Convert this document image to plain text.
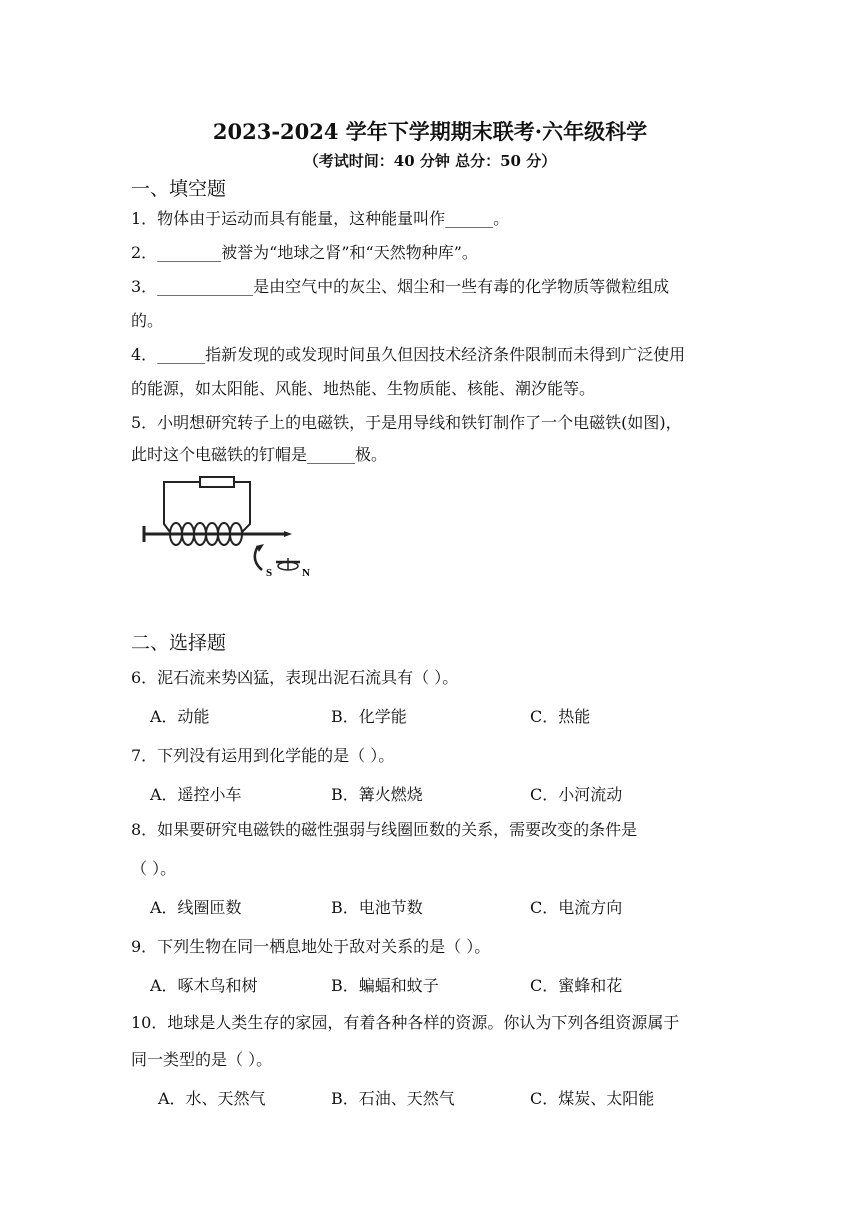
2023-2024 学年下学期期末联考·六年级科学
（考试时间：40 分钟 总分：50 分）
一、填空题
1．物体由于运动而具有能量，这种能量叫作______。
2．________被誉为“地球之肾”和“天然物种库”。
3．____________是由空气中的灰尘、烟尘和一些有毒的化学物质等微粒组成
的。
4．______指新发现的或发现时间虽久但因技术经济条件限制而未得到广泛使用
的能源，如太阳能、风能、地热能、生物质能、核能、潮汐能等。
5．小明想研究转子上的电磁铁，于是用导线和铁钉制作了一个电磁铁(如图)，
此时这个电磁铁的钉帽是______极。
S	N
二、选择题
6．泥石流来势凶猛，表现出泥石流具有（ ）。
A．动能	B．化学能	C．热能
7．下列没有运用到化学能的是（ ）。
A．遥控小车	B．篝火燃烧	C．小河流动
8．如果要研究电磁铁的磁性强弱与线圈匝数的关系，需要改变的条件是
（ ）。
A．线圈匝数	B．电池节数	C．电流方向
9．下列生物在同一栖息地处于敌对关系的是（ ）。
A．啄木鸟和树	B．蝙蝠和蚊子	C．蜜蜂和花
10．地球是人类生存的家园，有着各种各样的资源。你认为下列各组资源属于
同一类型的是（ ）。
A．水、天然气	B．石油、天然气	C．煤炭、太阳能
